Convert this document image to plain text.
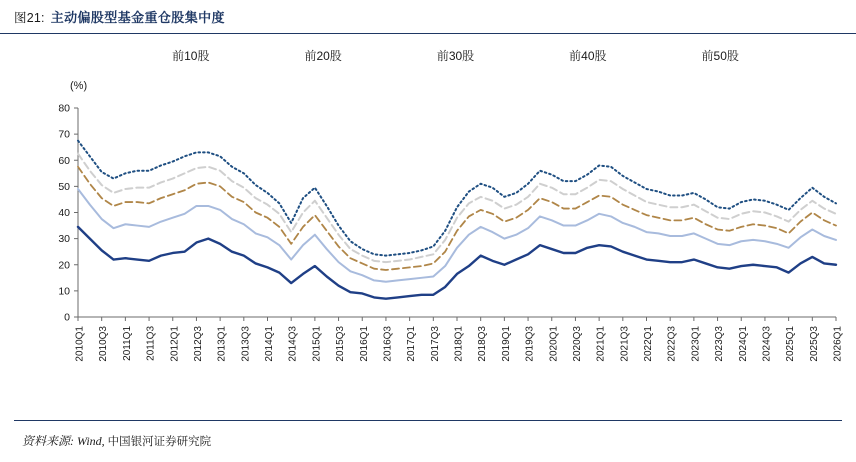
图21: 主动偏股型基金重仓股集中度
前10股	前20股	前30股	前40股	前50股
(%)
0
10
20
30
40
50
60
70
80
2010Q1 2010Q3 2011Q1 2011Q3 2012Q1 2012Q3 2013Q1 2013Q3 2014Q1 2014Q3 2015Q1 2015Q3 2016Q1 2016Q3 2017Q1 2017Q3 2018Q1 2018Q3 2019Q1 2019Q3 2020Q1 2020Q3 2021Q1 2021Q3 2022Q1 2022Q3 2023Q1 2023Q3 2024Q1 2024Q3 2025Q1 2025Q3 2026Q1
资料来源: Wind, 中国银河证券研究院
